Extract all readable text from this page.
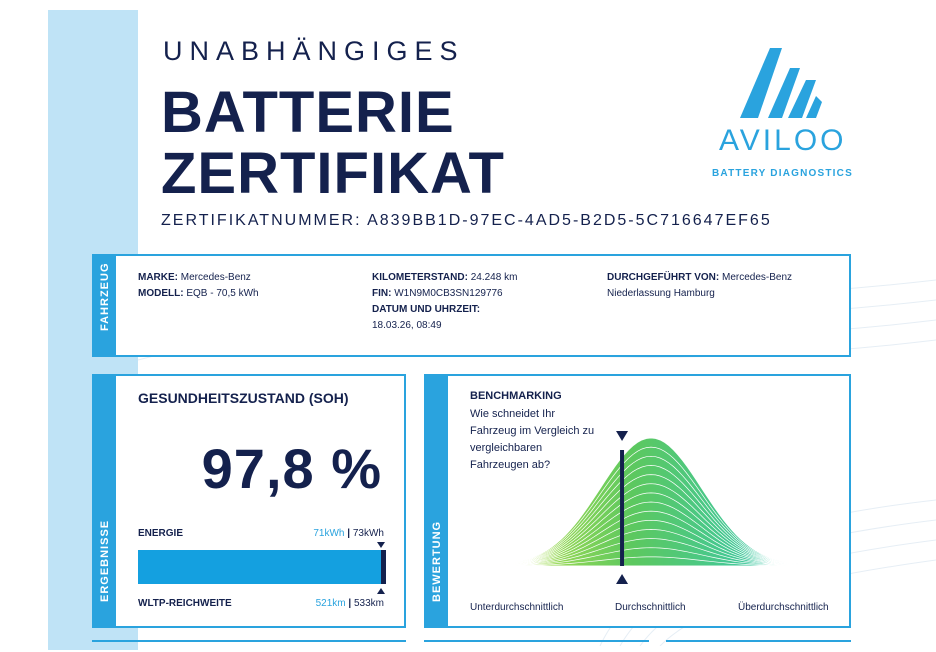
UNABHÄNGIGES
BATTERIE
ZERTIFIKAT
ZERTIFIKATNUMMER: A839BB1D-97EC-4AD5-B2D5-5C716647EF65
AVILOO
BATTERY DIAGNOSTICS
FAHRZEUG	MARKE: Mercedes-Benz
MODELL: EQB - 70,5 kWh
KILOMETERSTAND: 24.248 km
FIN: W1N9M0CB3SN129776
DATUM UND UHRZEIT:
18.03.26, 08:49
DURCHGEFÜHRT VON: Mercedes-Benz
Niederlassung Hamburg
ERGEBNISSE
GESUNDHEITSZUSTAND (SOH)
97,8 %
ENERGIE	71kWh | 73kWh
WLTP-REICHWEITE	521km | 533km
BEWERTUNG
BENCHMARKING
Wie schneidet Ihr
Fahrzeug im Vergleich zu
vergleichbaren
Fahrzeugen ab?
Unterdurchschnittlich	Durchschnittlich	Überdurchschnittlich
